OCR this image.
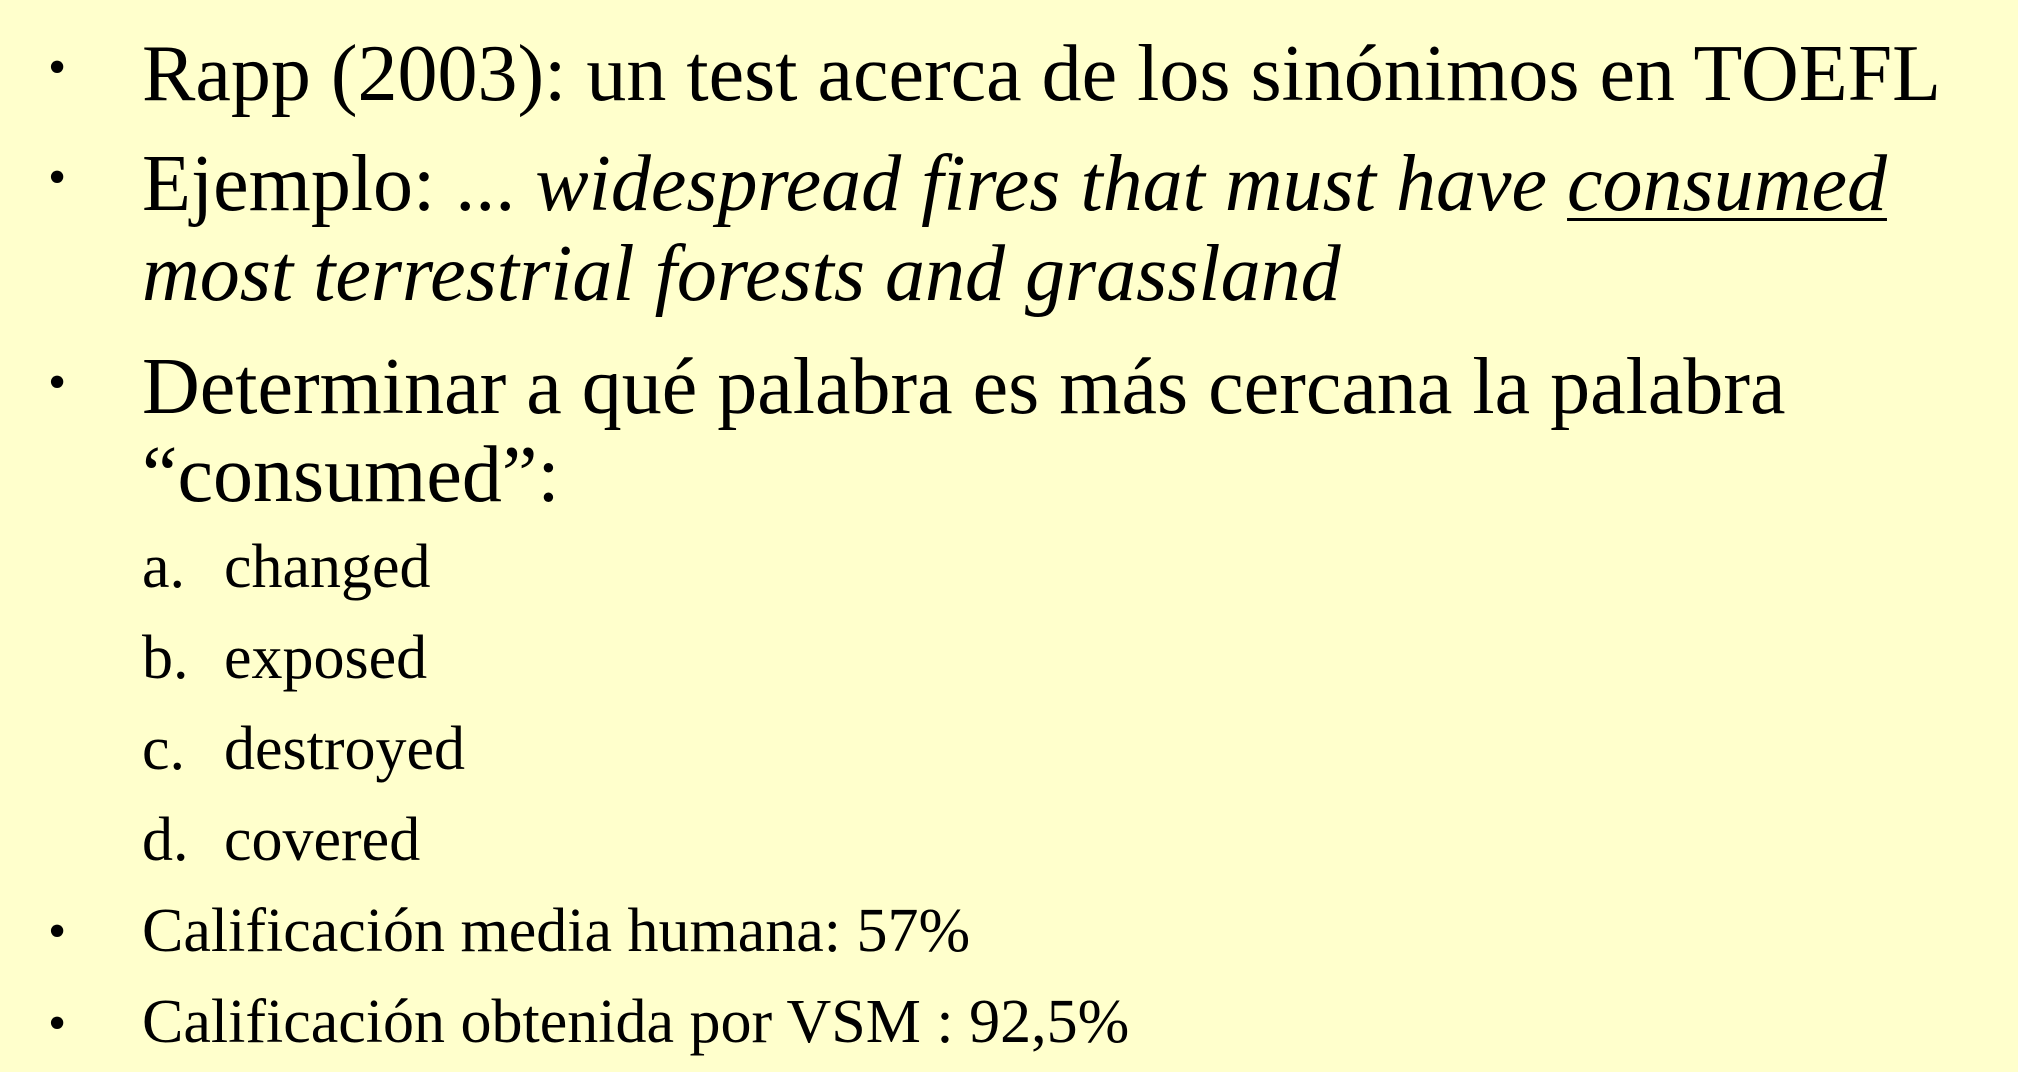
• Rapp (2003): un test acerca de los sinónimos en TOEFL
• Ejemplo: ... widespread fires that must have consumed
most terrestrial forests and grassland
• Determinar a qué palabra es más cercana la palabra
“consumed”:
a. changed
b. exposed
c. destroyed
d. covered
• Calificación media humana: 57%
• Calificación obtenida por VSM : 92,5%
